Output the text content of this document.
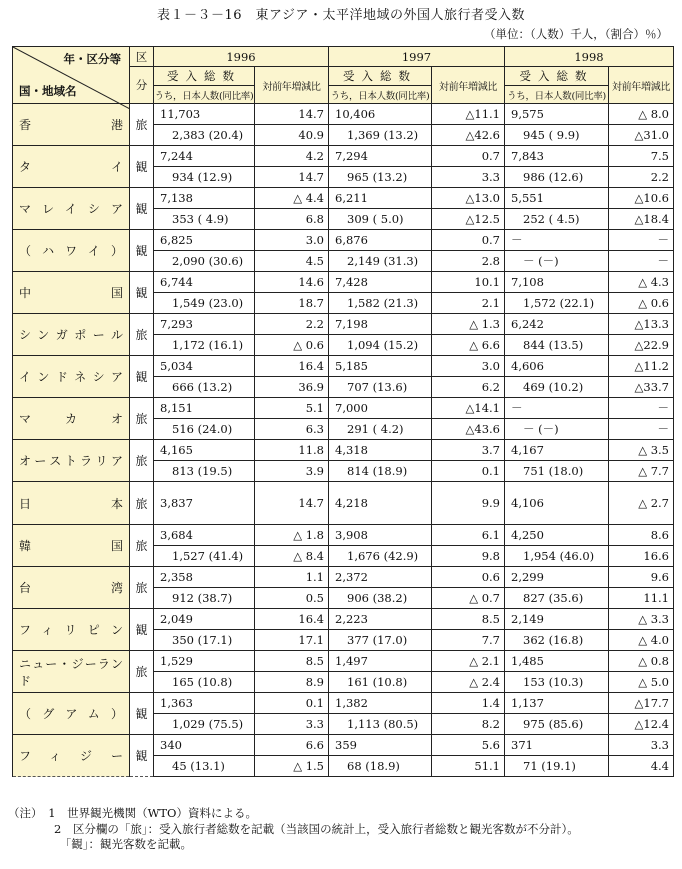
表１－３－16　東アジア・太平洋地域の外国人旅行者受入数
（単位：（人数）千人，（割合）％）
年・区分等
国・地域名	区	1996		1997		1998	
	分	受入総数	対前年増減比	受入総数	対前年増減比	受入総数	対前年増減比
		うち，日本人数(同比率)		うち，日本人数(同比率)		うち，日本人数(同比率)	
香港	旅	11,703	14.7	10,406	△11.1	9,575	△ 8.0
		2,383 (20.4)	40.9	1,369 (13.2)	△42.6	945 ( 9.9)	△31.0
タイ	観	7,244	4.2	7,294	0.7	7,843	7.5
		934 (12.9)	14.7	965 (13.2)	3.3	986 (12.6)	2.2
マレイシア	観	7,138	△ 4.4	6,211	△13.0	5,551	△10.6
		353 ( 4.9)	6.8	309 ( 5.0)	△12.5	252 ( 4.5)	△18.4
（ハワイ）	観	6,825	3.0	6,876	0.7	－	－
		2,090 (30.6)	4.5	2,149 (31.3)	2.8	－ (－)	－
中国	観	6,744	14.6	7,428	10.1	7,108	△ 4.3
		1,549 (23.0)	18.7	1,582 (21.3)	2.1	1,572 (22.1)	△ 0.6
シンガポール	旅	7,293	2.2	7,198	△ 1.3	6,242	△13.3
		1,172 (16.1)	△ 0.6	1,094 (15.2)	△ 6.6	844 (13.5)	△22.9
インドネシア	観	5,034	16.4	5,185	3.0	4,606	△11.2
		666 (13.2)	36.9	707 (13.6)	6.2	469 (10.2)	△33.7
マカオ	旅	8,151	5.1	7,000	△14.1	－	－
		516 (24.0)	6.3	291 ( 4.2)	△43.6	－ (－)	－
オーストラリア	旅	4,165	11.8	4,318	3.7	4,167	△ 3.5
		813 (19.5)	3.9	814 (18.9)	0.1	751 (18.0)	△ 7.7
日本	旅	3,837	14.7	4,218	9.9	4,106	△ 2.7
韓国	旅	3,684	△ 1.8	3,908	6.1	4,250	8.6
		1,527 (41.4)	△ 8.4	1,676 (42.9)	9.8	1,954 (46.0)	16.6
台湾	旅	2,358	1.1	2,372	0.6	2,299	9.6
		912 (38.7)	0.5	906 (38.2)	△ 0.7	827 (35.6)	11.1
フィリピン	観	2,049	16.4	2,223	8.5	2,149	△ 3.3
		350 (17.1)	17.1	377 (17.0)	7.7	362 (16.8)	△ 4.0
ニュー・ジーランド	旅	1,529	8.5	1,497	△ 2.1	1,485	△ 0.8
		165 (10.8)	8.9	161 (10.8)	△ 2.4	153 (10.3)	△ 5.0
（グアム）	観	1,363	0.1	1,382	1.4	1,137	△17.7
		1,029 (75.5)	3.3	1,113 (80.5)	8.2	975 (85.6)	△12.4
フィジー	観	340	6.6	359	5.6	371	3.3
		45 (13.1)	△ 1.5	68 (18.9)	51.1	71 (19.1)	4.4
（注）　1　世界観光機関（WTO）資料による。
　　　　2　区分欄の「旅」：受入旅行者総数を記載（当該国の統計上，受入旅行者総数と観光客数が不分計）。
　　　　　「観」：観光客数を記載。
